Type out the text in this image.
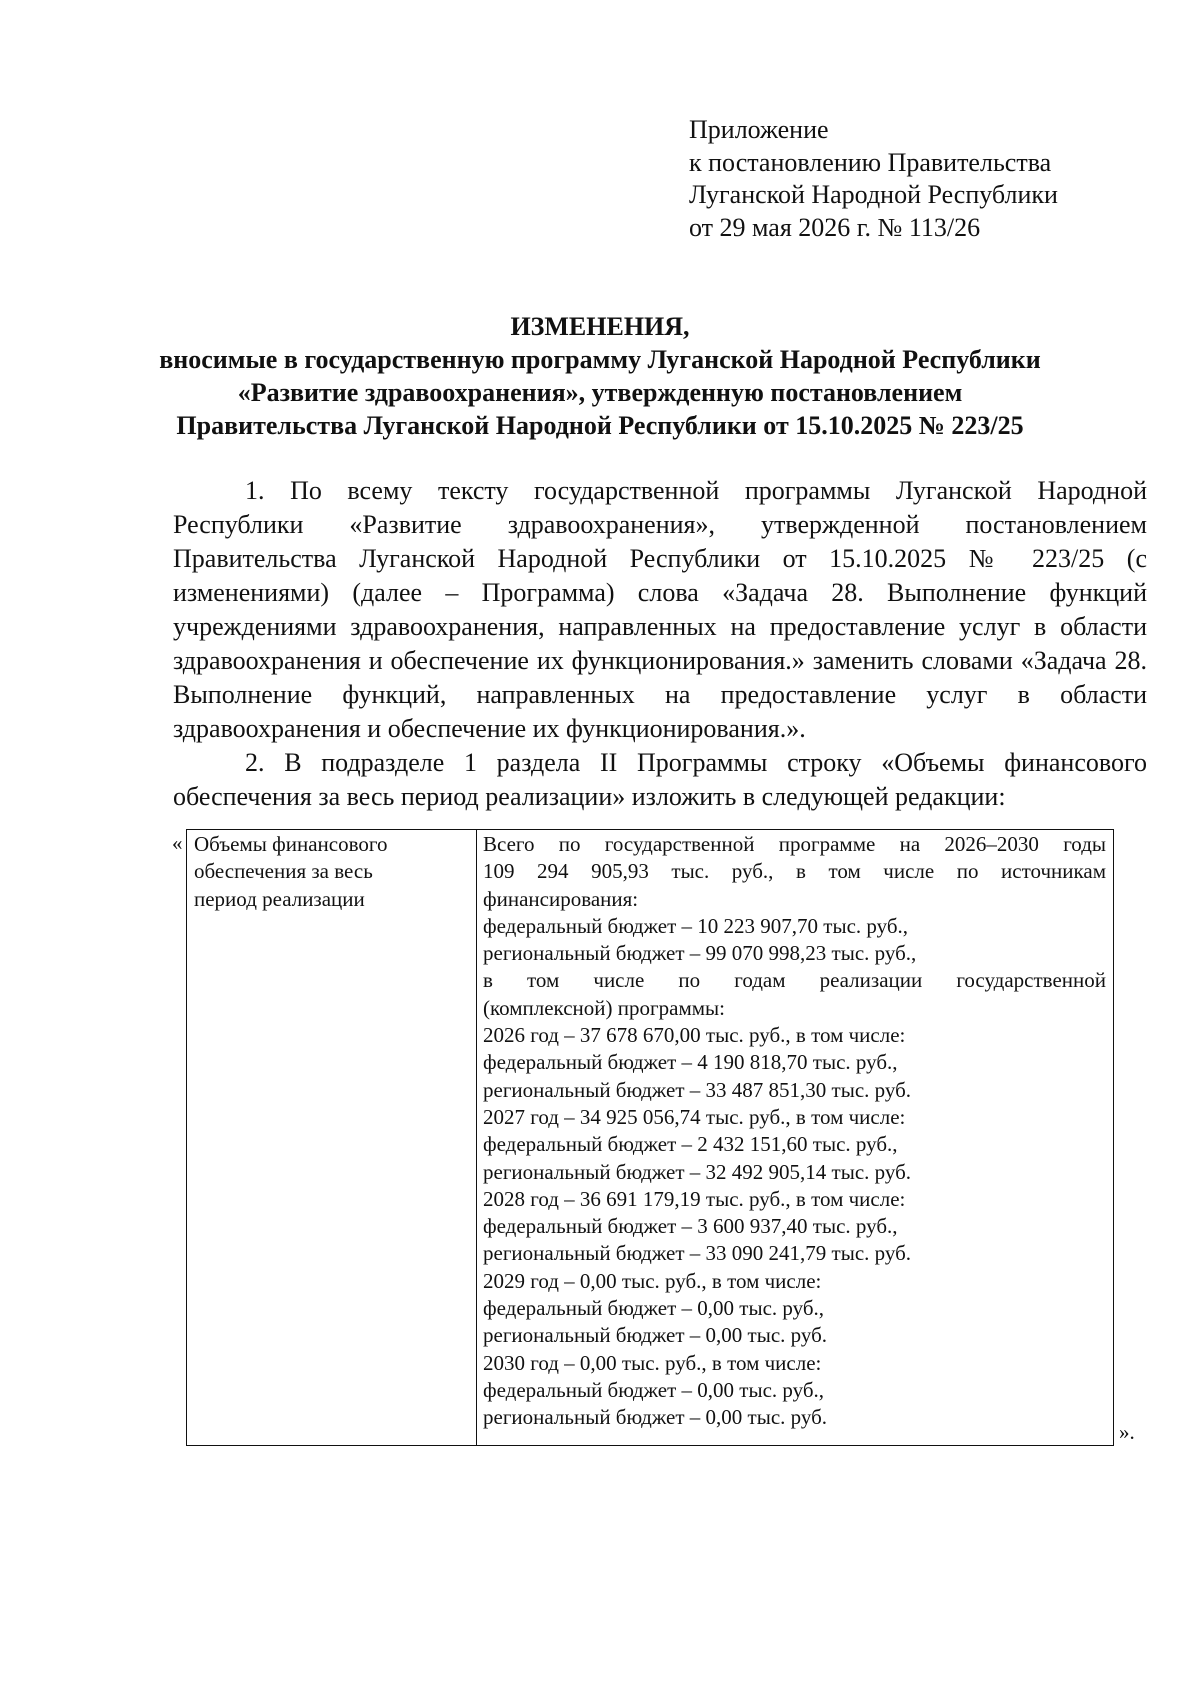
Приложение
к постановлению Правительства
Луганской Народной Республики
от 29 мая 2026 г. № 113/26
ИЗМЕНЕНИЯ,
вносимые в государственную программу Луганской Народной Республики
«Развитие здравоохранения», утвержденную постановлением
Правительства Луганской Народной Республики от 15.10.2025 № 223/25

1. По всему тексту государственной программы Луганской Народной Республики «Развитие здравоохранения», утвержденной постановлением Правительства Луганской Народной Республики от 15.10.2025 № 223/25 (с изменениями) (далее – Программа) слова «Задача 28. Выполнение функций учреждениями здравоохранения, направленных на предоставление услуг в области здравоохранения и обеспечение их функционирования.» заменить словами «Задача 28. Выполнение функций, направленных на предоставление услуг в области здравоохранения и обеспечение их функционирования.».

2. В подразделе 1 раздела II Программы строку «Объемы финансового обеспечения за весь период реализации» изложить в следующей редакции:

« Объемы финансового
обеспечения за весь
период реализации
Всего по государственной программе на 2026–2030 годы
109 294 905,93 тыс. руб., в том числе по источникам
финансирования:
федеральный бюджет – 10 223 907,70 тыс. руб.,
региональный бюджет – 99 070 998,23 тыс. руб.,
в том числе по годам реализации государственной
(комплексной) программы:
2026 год – 37 678 670,00 тыс. руб., в том числе:
федеральный бюджет – 4 190 818,70 тыс. руб.,
региональный бюджет – 33 487 851,30 тыс. руб.
2027 год – 34 925 056,74 тыс. руб., в том числе:
федеральный бюджет – 2 432 151,60 тыс. руб.,
региональный бюджет – 32 492 905,14 тыс. руб.
2028 год – 36 691 179,19 тыс. руб., в том числе:
федеральный бюджет – 3 600 937,40 тыс. руб.,
региональный бюджет – 33 090 241,79 тыс. руб.
2029 год – 0,00 тыс. руб., в том числе:
федеральный бюджет – 0,00 тыс. руб.,
региональный бюджет – 0,00 тыс. руб.
2030 год – 0,00 тыс. руб., в том числе:
федеральный бюджет – 0,00 тыс. руб.,
региональный бюджет – 0,00 тыс. руб.
».
